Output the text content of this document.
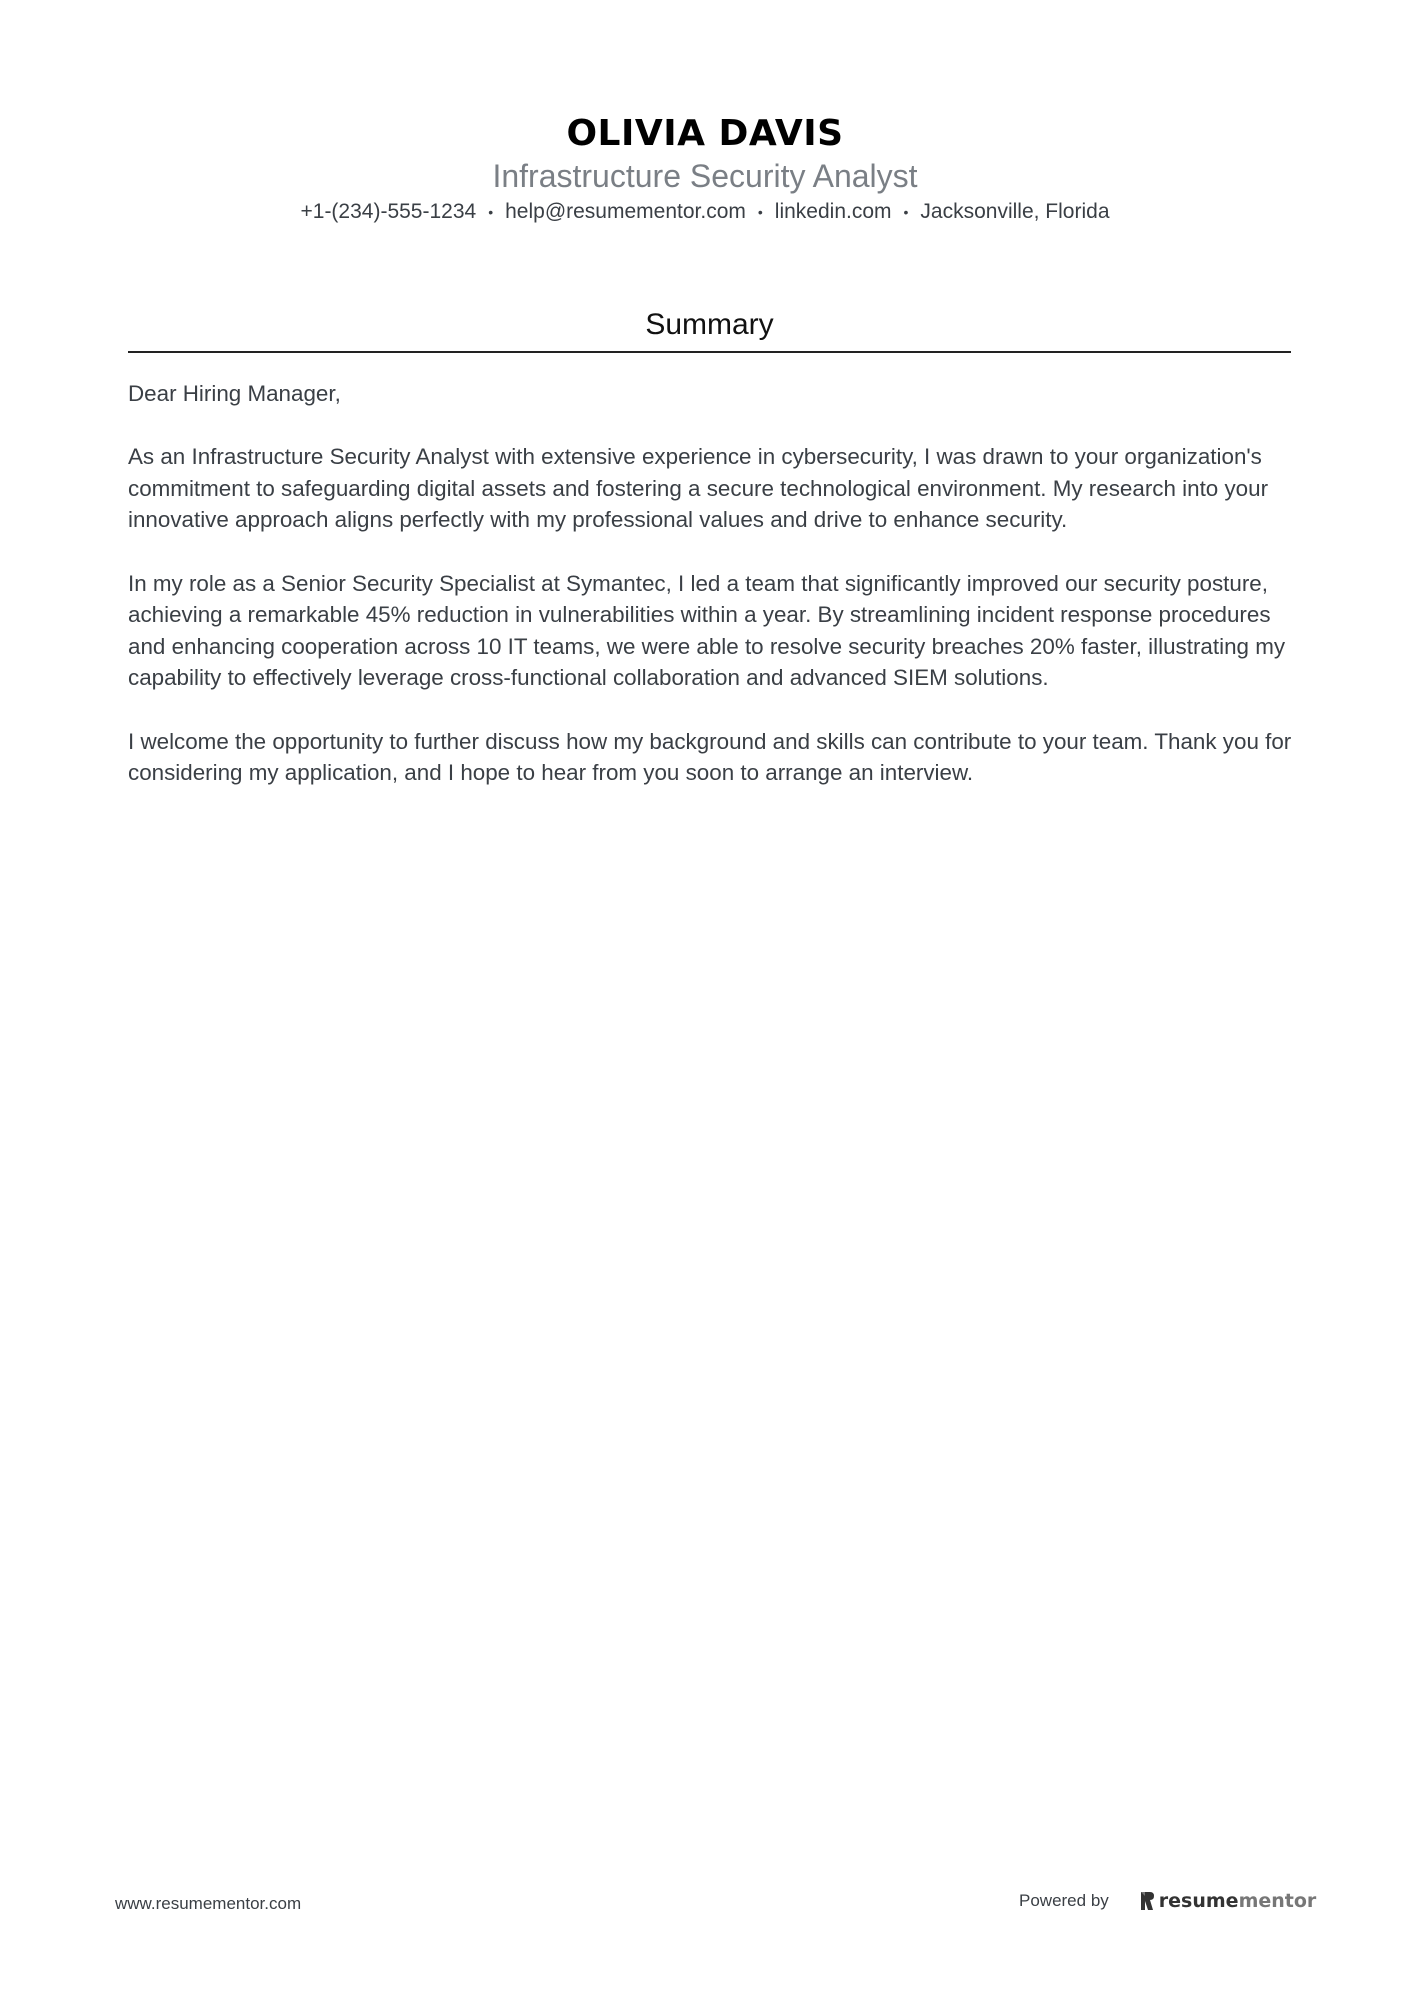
OLIVIA DAVIS
Infrastructure Security Analyst
+1-(234)-555-1234 • help@resumementor.com • linkedin.com • Jacksonville, Florida
Summary

Dear Hiring Manager,

As an Infrastructure Security Analyst with extensive experience in cybersecurity, I was drawn to your organization's commitment to safeguarding digital assets and fostering a secure technological environment. My research into your innovative approach aligns perfectly with my professional values and drive to enhance security.

In my role as a Senior Security Specialist at Symantec, I led a team that significantly improved our security posture, achieving a remarkable 45% reduction in vulnerabilities within a year. By streamlining incident response procedures and enhancing cooperation across 10 IT teams, we were able to resolve security breaches 20% faster, illustrating my capability to effectively leverage cross-functional collaboration and advanced SIEM solutions.

I welcome the opportunity to further discuss how my background and skills can contribute to your team. Thank you for considering my application, and I hope to hear from you soon to arrange an interview.

www.resumementor.com	Powered by	resume mentor
